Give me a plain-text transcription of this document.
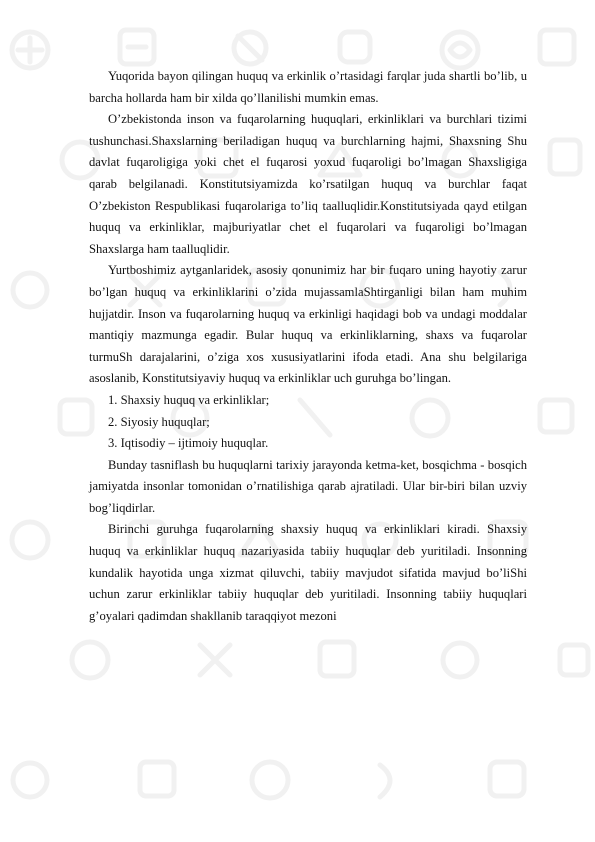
Yuqorida bayon qilingan huquq va erkinlik o’rtasidagi farqlar juda shartli bo’lib, u barcha hollarda ham bir xilda qo’llanilishi mumkin emas.

O’zbekistonda inson va fuqarolarning huquqlari, erkinliklari va burchlari tizimi tushunchasi.Shaxslarning beriladigan huquq va burchlarning hajmi, Shaxsning Shu davlat fuqaroligiga yoki chet el fuqarosi yoxud fuqaroligi bo’lmagan Shaxsligiga qarab belgilanadi. Konstitutsiyamizda ko’rsatilgan huquq va burchlar faqat O’zbekiston Respublikasi fuqarolariga to’liq taalluqlidir.Konstitutsiyada qayd etilgan huquq va erkinliklar, majburiyatlar chet el fuqarolari va fuqaroligi bo’lmagan Shaxslarga ham taalluqlidir.

Yurtboshimiz aytganlaridek, asosiy qonunimiz har bir fuqaro uning hayotiy zarur bo’lgan huquq va erkinliklarini o’zida mujassamlaShtirganligi bilan ham muhim hujjatdir. Inson va fuqarolarning huquq va erkinligi haqidagi bob va undagi moddalar mantiqiy mazmunga egadir. Bular huquq va erkinliklarning, shaxs va fuqarolar turmuSh darajalarini, o’ziga xos xususiyatlarini ifoda etadi. Ana shu belgilariga asoslanib, Konstitutsiyaviy huquq va erkinliklar uch guruhga bo’lingan.

1. Shaxsiy huquq va erkinliklar;

2. Siyosiy huquqlar;

3. Iqtisodiy – ijtimoiy huquqlar.

Bunday tasniflash bu huquqlarni tarixiy jarayonda ketma-ket, bosqichma - bosqich jamiyatda insonlar tomonidan o’rnatilishiga qarab ajratiladi. Ular bir-biri bilan uzviy bog’liqdirlar.

Birinchi guruhga fuqarolarning shaxsiy huquq va erkinliklari kiradi. Shaxsiy huquq va erkinliklar huquq nazariyasida tabiiy huquqlar deb yuritiladi. Insonning kundalik hayotida unga xizmat qiluvchi, tabiiy mavjudot sifatida mavjud bo’liShi uchun zarur erkinliklar tabiiy huquqlar deb yuritiladi. Insonning tabiiy huquqlari g’oyalari qadimdan shakllanib taraqqiyot mezoni
